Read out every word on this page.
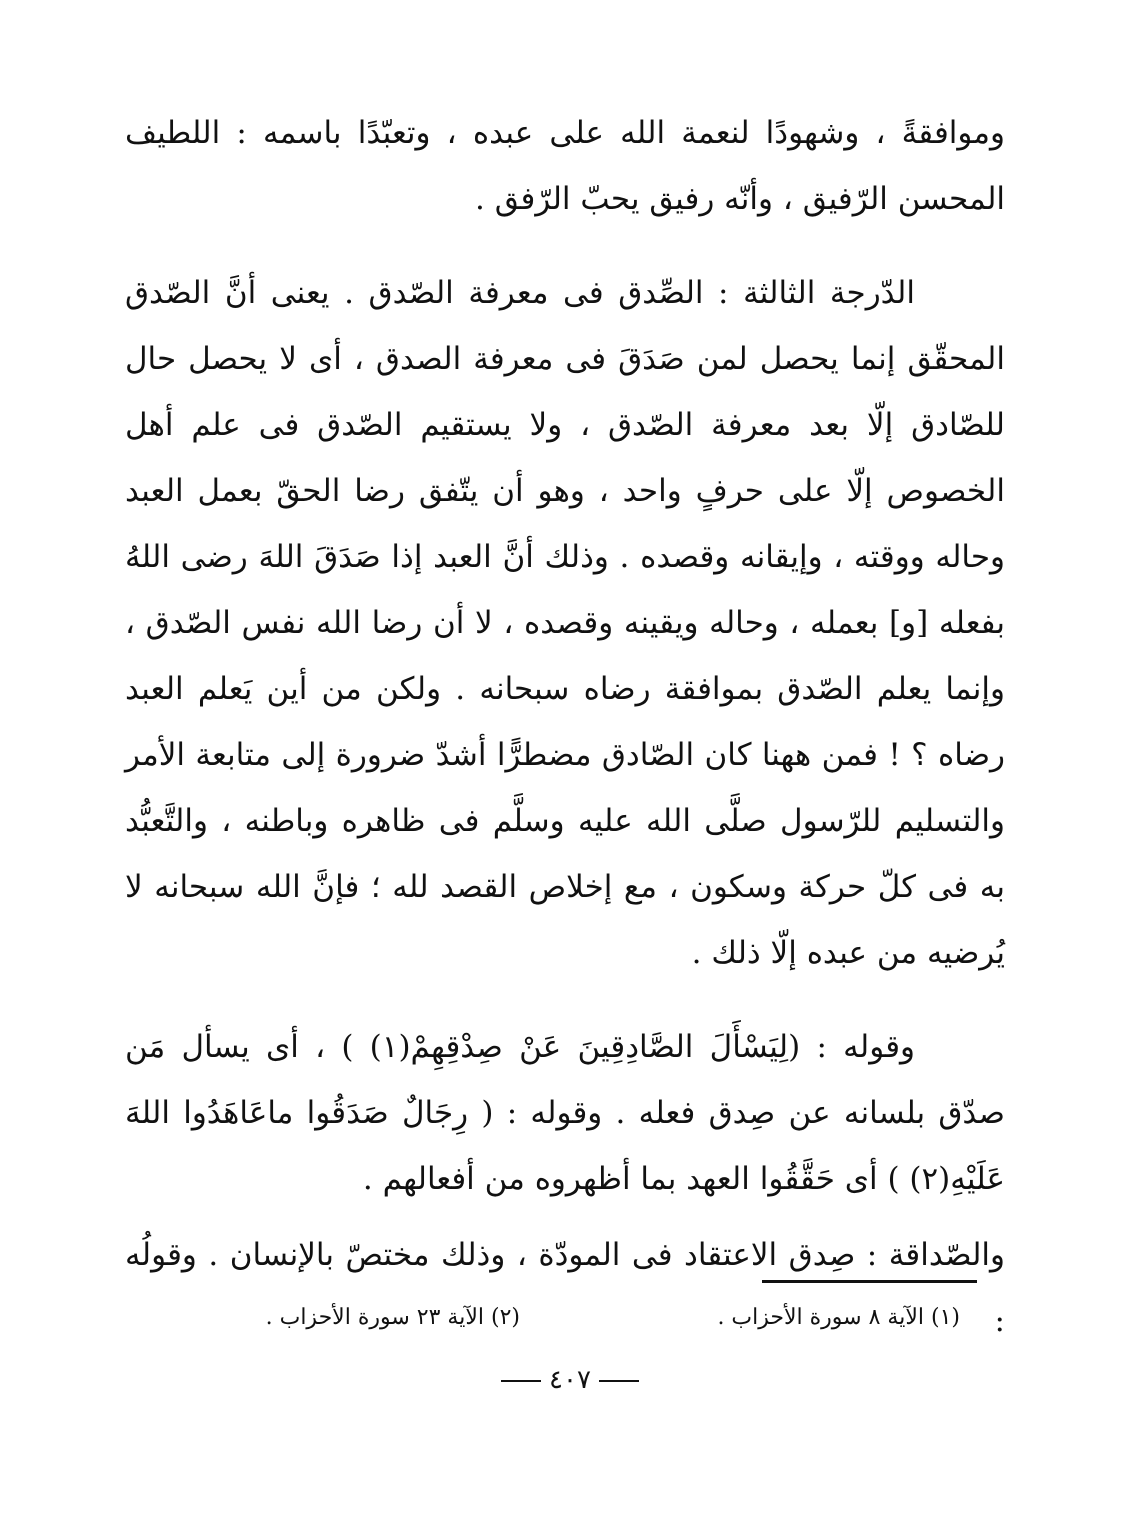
وموافقةً ، وشهودًا لنعمة الله على عبده ، وتعبّدًا باسمه : اللطيف المحسن الرّفيق ، وأنّه رفيق يحبّ الرّفق .

الدّرجة الثالثة : الصِّدق فى معرفة الصّدق . يعنى أنَّ الصّدق المحقّق إنما يحصل لمن صَدَقَ فى معرفة الصدق ، أى لا يحصل حال للصّادق إلّا بعد معرفة الصّدق ، ولا يستقيم الصّدق فى علم أهل الخصوص إلّا على حرفٍ واحد ، وهو أن يتّفق رضا الحقّ بعمل العبد وحاله ووقته ، وإيقانه وقصده . وذلك أنَّ العبد إذا صَدَقَ اللهَ رضى اللهُ بفعله [و] بعمله ، وحاله ويقينه وقصده ، لا أن رضا الله نفس الصّدق ، وإنما يعلم الصّدق بموافقة رضاه سبحانه . ولكن من أين يَعلم العبد رضاه ؟ ! فمن ههنا كان الصّادق مضطرًّا أشدّ ضرورة إلى متابعة الأمر والتسليم للرّسول صلَّى الله عليه وسلَّم فى ظاهره وباطنه ، والتَّعبُّد به فى كلّ حركة وسكون ، مع إخلاص القصد لله ؛ فإنَّ الله سبحانه لا يُرضيه من عبده إلّا ذلك .

وقوله : (لِيَسْأَلَ الصَّادِقِينَ عَنْ صِدْقِهِمْ(١) ) ، أى يسأل مَن صدّق بلسانه عن صِدق فعله . وقوله : ( رِجَالٌ صَدَقُوا ماعَاهَدُوا اللهَ عَلَيْهِ(٢) ) أى حَقَّقُوا العهد بما أظهروه من أفعالهم .

والصّداقة : صِدق الاعتقاد فى المودّة ، وذلك مختصّ بالإنسان . وقولُه :

(١) الآية ٨ سورة الأحزاب .
(٢) الآية ٢٣ سورة الأحزاب .
٤٠٧
